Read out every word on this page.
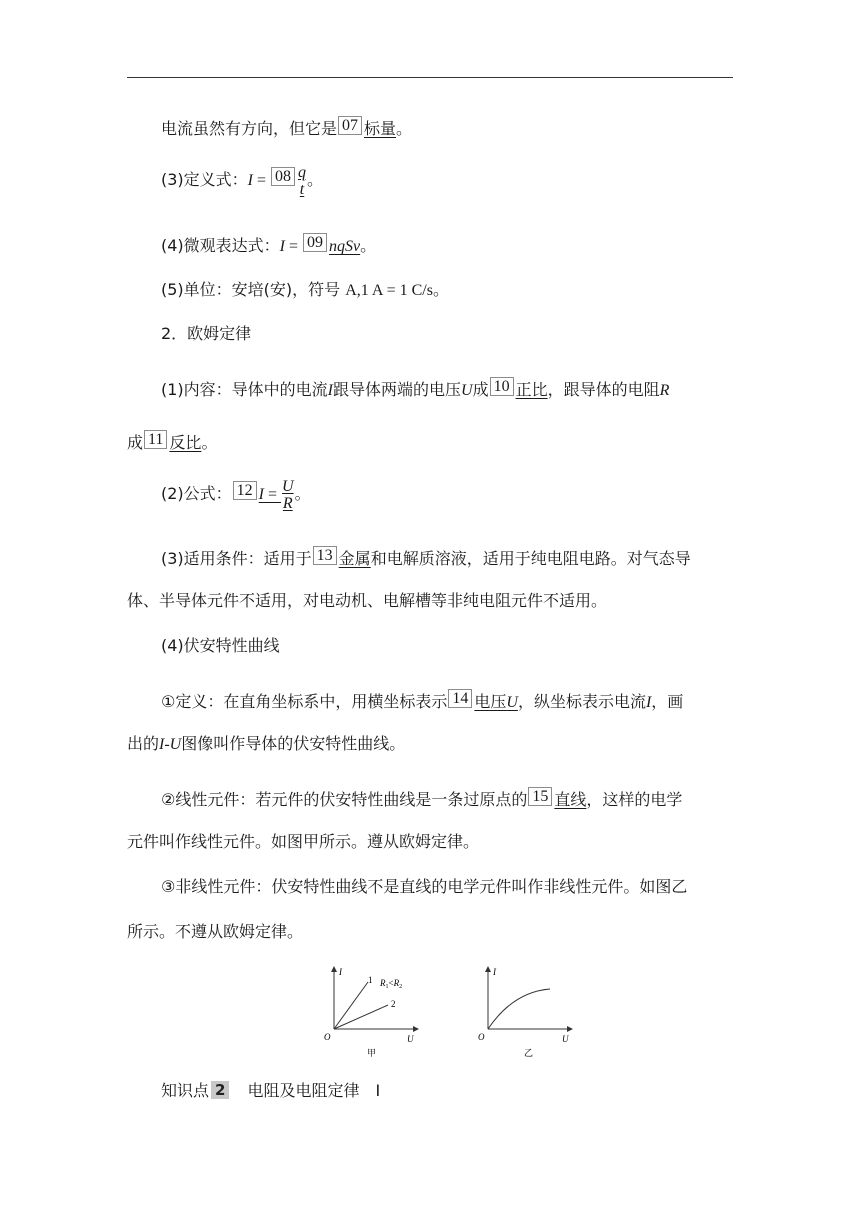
电流虽然有方向，但它是 07 标量。
(3)定义式：$I = 08 \frac{q}{t}$ 。
(4)微观表达式：I = 09 nqSv。
(5)单位：安培(安)，符号 A,1 A = 1 C/s。
2．欧姆定律
(1)内容：导体中的电流I跟导体两端的电压U成 10 正比，跟导体的电阻R
成 11 反比。
(2)公式： 12 $I = \frac{U}{R}$ 。
(3)适用条件：适用于 13 金属和电解质溶液，适用于纯电阻电路。对气态导
体、半导体元件不适用，对电动机、电解槽等非纯电阻元件不适用。
(4)伏安特性曲线
①定义：在直角坐标系中，用横坐标表示 14 电压U，纵坐标表示电流I，画
出的I-U图像叫作导体的伏安特性曲线。
②线性元件：若元件的伏安特性曲线是一条过原点的 15 直线，这样的电学
元件叫作线性元件。如图甲所示。遵从欧姆定律。
③非线性元件：伏安特性曲线不是直线的电学元件叫作非线性元件。如图乙
所示。不遵从欧姆定律。
I
U
O
1
2
$R_1<R_2$
甲
I
U
O
乙
知识点 2　电阻及电阻定律　Ⅰ
